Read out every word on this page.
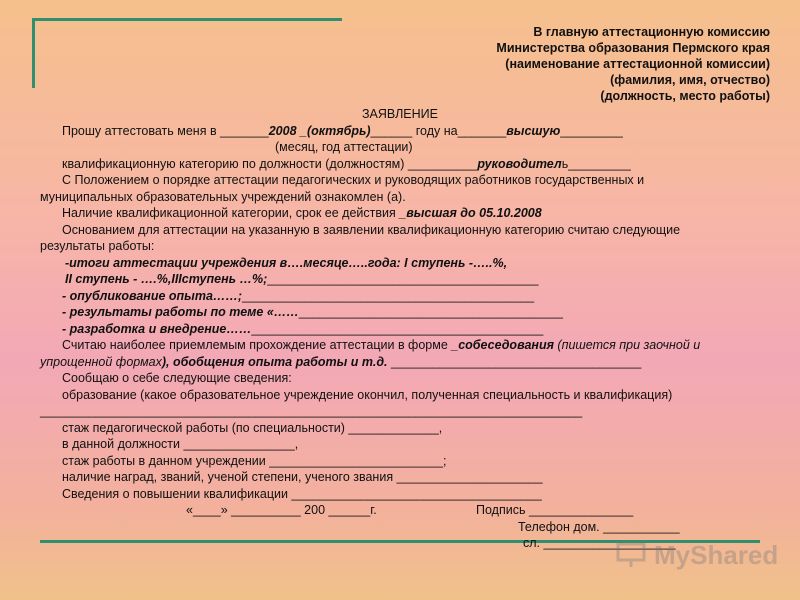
В главную аттестационную комиссию
Министерства образования Пермского края
(наименование аттестационной комиссии)
(фамилия, имя, отчество)
(должность, место работы)
ЗАЯВЛЕНИЕ
Прошу аттестовать меня в _______2008 _(октябрь)______ году на_______высшую_________
(месяц, год аттестации)
квалификационную категорию по должности (должностям) __________руководитель_________
С Положением о порядке аттестации педагогических и руководящих работников государственных и
муниципальных образовательных учреждений ознакомлен (а).
Наличие квалификационной категории, срок ее действия _высшая до 05.10.2008
Основанием для аттестации на указанную в заявлении квалификационную категорию считаю следующие
результаты работы:
-итоги аттестации учреждения в….месяце…..года: I ступень -…..%,
II ступень - ….%,IIIступень …%;_______________________________________
- опубликование опыта……;__________________________________________
- результаты работы по теме «……______________________________________
- разработка и внедрение……__________________________________________
Считаю наиболее приемлемым прохождение аттестации в форме _собеседования (пишется при заочной и
упрощенной формах), обобщения опыта работы и т.д. ____________________________________
Сообщаю о себе следующие сведения:
образование (какое образовательное учреждение окончил, полученная специальность и квалификация)
______________________________________________________________________________
стаж педагогической работы (по специальности) _____________,
в данной должности ________________,
стаж работы в данном учреждении _________________________;
наличие наград, званий, ученой степени, ученого звания _____________________
Сведения о повышении квалификации ____________________________________
«____» __________ 200 ______г.	Подпись _______________
Телефон дом. ___________
сл. ___________________
MyShared
